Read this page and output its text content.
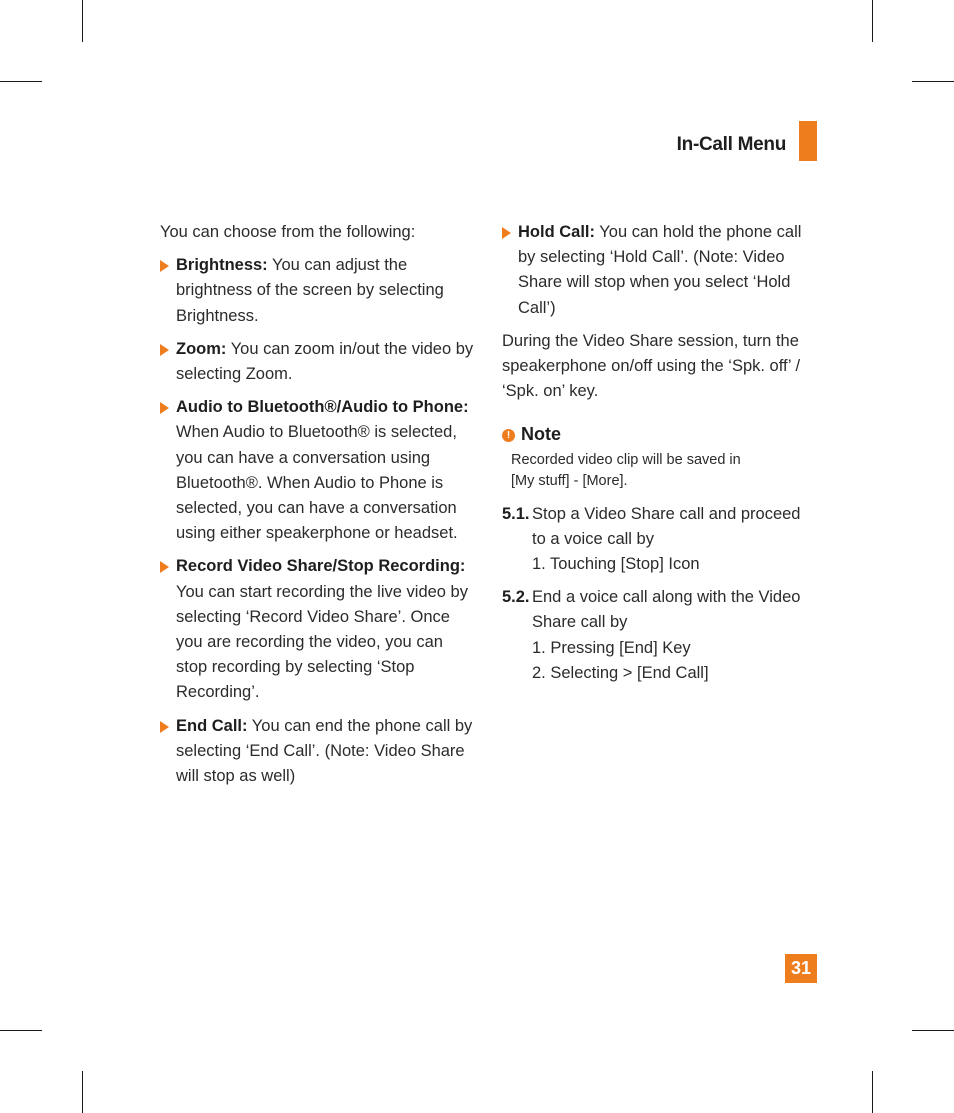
In-Call Menu

You can choose from the following:

Brightness: You can adjust the brightness of the screen by selecting Brightness.
Zoom: You can zoom in/out the video by selecting Zoom.
Audio to Bluetooth®/Audio to Phone: When Audio to Bluetooth® is selected, you can have a conversation using Bluetooth®. When Audio to Phone is selected, you can have a conversation using either speakerphone or headset.
Record Video Share/Stop Recording: You can start recording the live video by selecting ‘Record Video Share’. Once you are recording the video, you can stop recording by selecting ‘Stop Recording’.
End Call: You can end the phone call by selecting ‘End Call’. (Note: Video Share will stop as well)
Hold Call: You can hold the phone call by selecting ‘Hold Call’. (Note: Video Share will stop when you select ‘Hold Call’)

During the Video Share session, turn the speakerphone on/off using the ‘Spk. off’ / ‘Spk. on’ key.

! Note
Recorded video clip will be saved in
[My stuff] - [More].
5.1. Stop a Video Share call and proceed to a voice call by
1. Touching [Stop] Icon
5.2. End a voice call along with the Video Share call by
1. Pressing [End] Key
2. Selecting > [End Call]
31
